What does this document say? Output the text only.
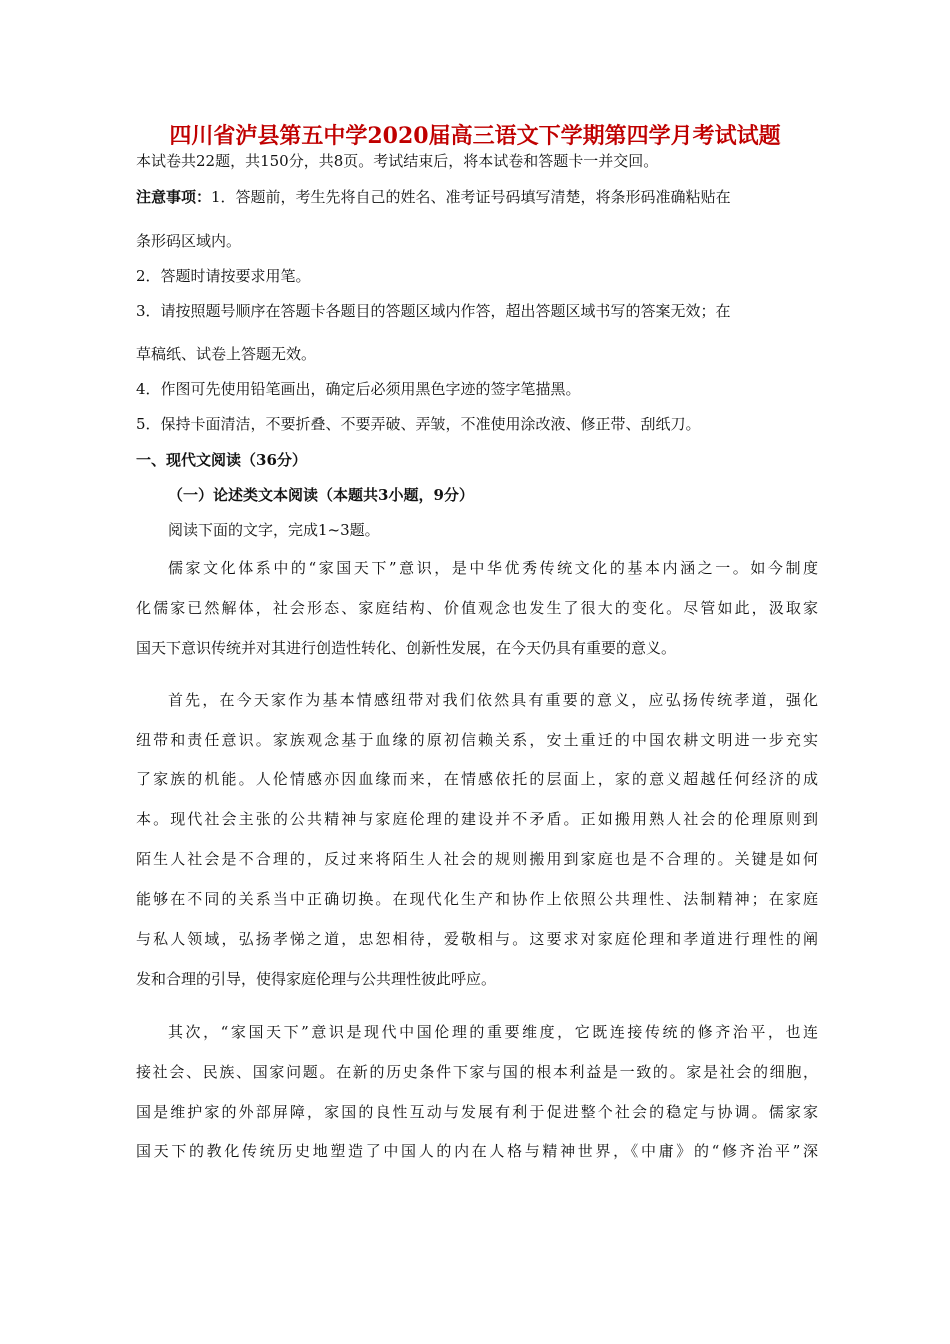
四川省泸县第五中学2020届高三语文下学期第四学月考试试题
本试卷共22题，共150分，共8页。考试结束后，将本试卷和答题卡一并交回。
注意事项：1．答题前，考生先将自己的姓名、准考证号码填写清楚，将条形码准确粘贴在
条形码区域内。
2．答题时请按要求用笔。
3．请按照题号顺序在答题卡各题目的答题区域内作答，超出答题区域书写的答案无效；在
草稿纸、试卷上答题无效。
4．作图可先使用铅笔画出，确定后必须用黑色字迹的签字笔描黑。
5．保持卡面清洁，不要折叠、不要弄破、弄皱，不准使用涂改液、修正带、刮纸刀。
一、现代文阅读（36分）
（一）论述类文本阅读（本题共3小题，9分）
阅读下面的文字，完成1~3题。
儒家文化体系中的“家国天下”意识，是中华优秀传统文化的基本内涵之一。如今制度
化儒家已然解体，社会形态、家庭结构、价值观念也发生了很大的变化。尽管如此，汲取家
国天下意识传统并对其进行创造性转化、创新性发展，在今天仍具有重要的意义。
首先，在今天家作为基本情感纽带对我们依然具有重要的意义，应弘扬传统孝道，强化
纽带和责任意识。家族观念基于血缘的原初信赖关系，安土重迁的中国农耕文明进一步充实
了家族的机能。人伦情感亦因血缘而来，在情感依托的层面上，家的意义超越任何经济的成
本。现代社会主张的公共精神与家庭伦理的建设并不矛盾。正如搬用熟人社会的伦理原则到
陌生人社会是不合理的，反过来将陌生人社会的规则搬用到家庭也是不合理的。关键是如何
能够在不同的关系当中正确切换。在现代化生产和协作上依照公共理性、法制精神；在家庭
与私人领域，弘扬孝悌之道，忠恕相待，爱敬相与。这要求对家庭伦理和孝道进行理性的阐
发和合理的引导，使得家庭伦理与公共理性彼此呼应。
其次，“家国天下”意识是现代中国伦理的重要维度，它既连接传统的修齐治平，也连
接社会、民族、国家问题。在新的历史条件下家与国的根本利益是一致的。家是社会的细胞，
国是维护家的外部屏障，家国的良性互动与发展有利于促进整个社会的稳定与协调。儒家家
国天下的教化传统历史地塑造了中国人的内在人格与精神世界，《中庸》的“修齐治平”深
